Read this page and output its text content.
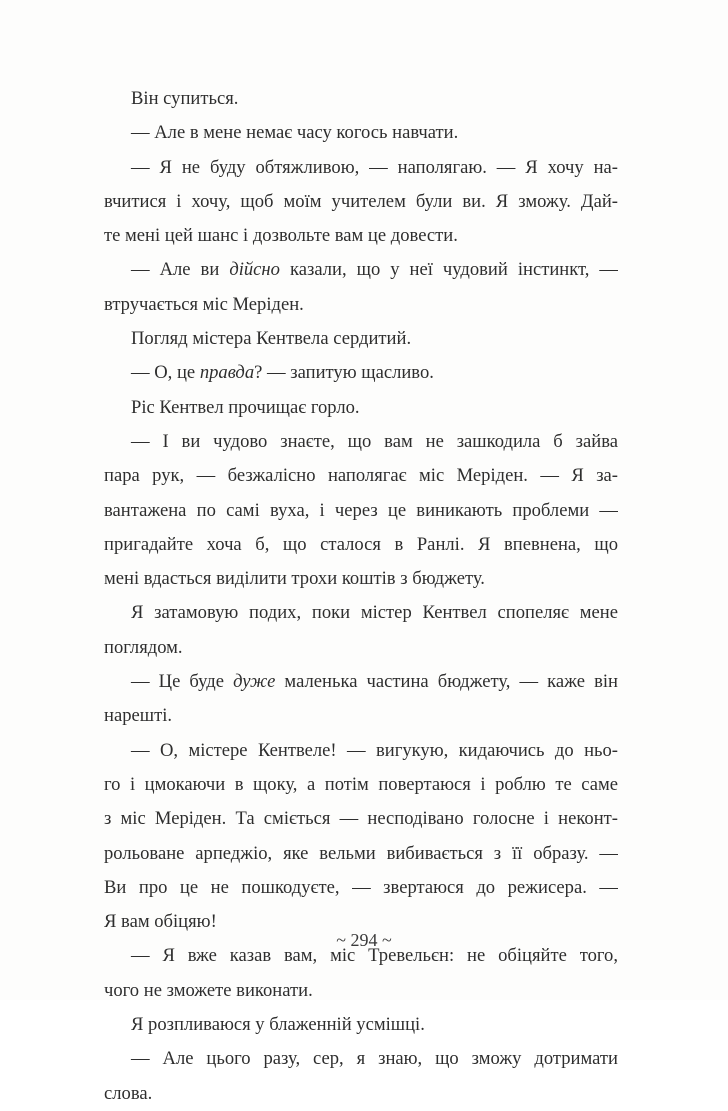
Він супиться.
— Але в мене немає часу когось навчати.
— Я не буду обтяжливою, — наполягаю. — Я хочу на-
вчитися і хочу, щоб моїм учителем були ви. Я зможу. Дай-
те мені цей шанс і дозвольте вам це довести.
— Але ви дійсно казали, що у неї чудовий інстинкт, —
втручається міс Меріден.
Погляд містера Кентвела сердитий.
— О, це правда? — запитую щасливо.
Ріс Кентвел прочищає горло.
— І ви чудово знаєте, що вам не зашкодила б зайва
пара рук, — безжалісно наполягає міс Меріден. — Я за-
вантажена по самі вуха, і через це виникають проблеми —
пригадайте хоча б, що сталося в Ранлі. Я впевнена, що
мені вдасться виділити трохи коштів з бюджету.
Я затамовую подих, поки містер Кентвел спопеляє мене
поглядом.
— Це буде дуже маленька частина бюджету, — каже він
нарешті.
— О, містере Кентвеле! — вигукую, кидаючись до ньо-
го і цмокаючи в щоку, а потім повертаюся і роблю те саме
з міс Меріден. Та сміється — несподівано голосне і неконт-
рольоване арпеджіо, яке вельми вибивається з її образу. —
Ви про це не пошкодуєте, — звертаюся до режисера. —
Я вам обіцяю!
— Я вже казав вам, міс Тревельєн: не обіцяйте того,
чого не зможете виконати.
Я розпливаюся у блаженній усмішці.
— Але цього разу, сер, я знаю, що зможу дотримати
слова.
~ 294 ~
